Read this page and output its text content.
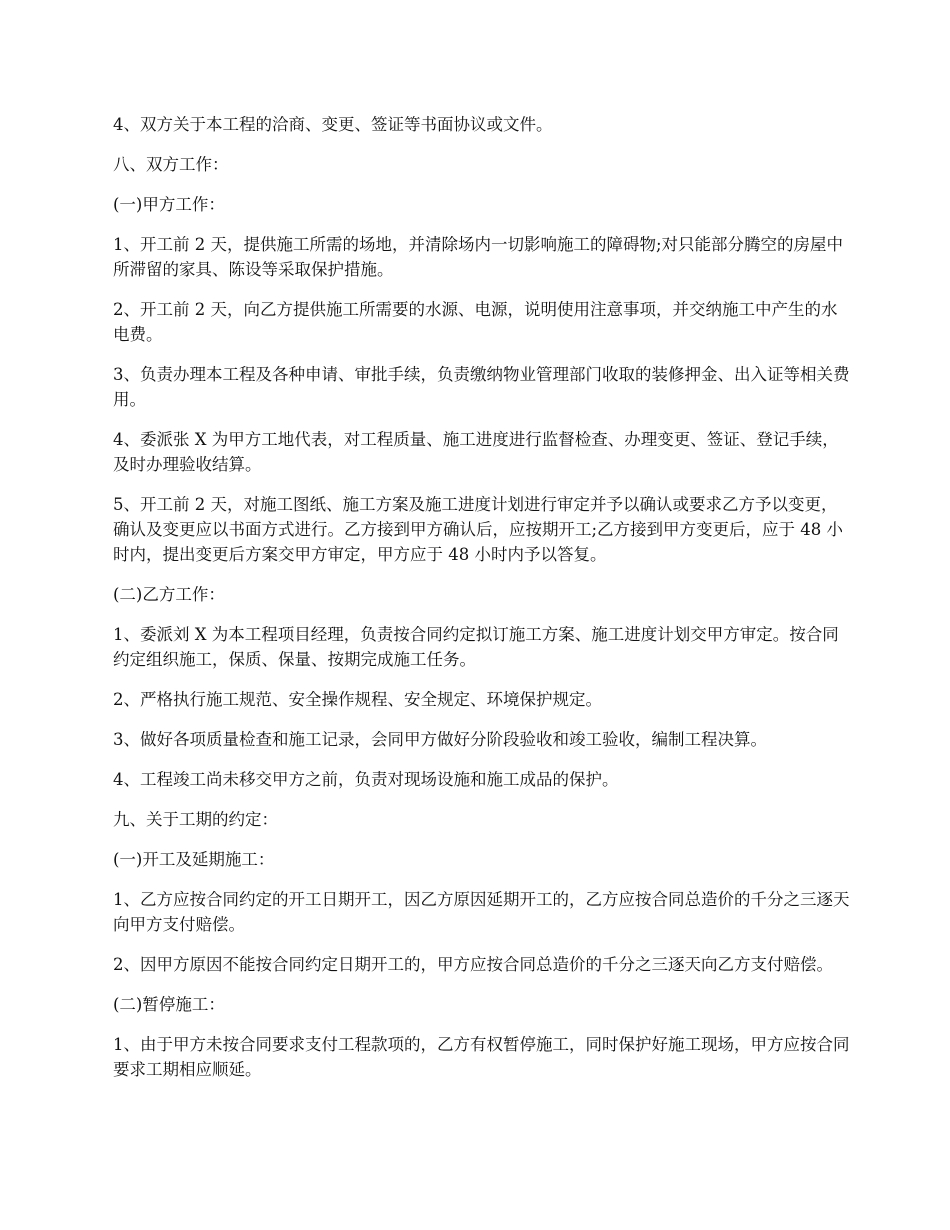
4、双方关于本工程的洽商、变更、签证等书面协议或文件。

八、双方工作：

(一)甲方工作：

1、开工前 2 天，提供施工所需的场地，并清除场内一切影响施工的障碍物;对只能部分腾空的房屋中所滞留的家具、陈设等采取保护措施。

2、开工前 2 天，向乙方提供施工所需要的水源、电源，说明使用注意事项，并交纳施工中产生的水电费。

3、负责办理本工程及各种申请、审批手续，负责缴纳物业管理部门收取的装修押金、出入证等相关费用。

4、委派张 X 为甲方工地代表，对工程质量、施工进度进行监督检查、办理变更、签证、登记手续，及时办理验收结算。

5、开工前 2 天，对施工图纸、施工方案及施工进度计划进行审定并予以确认或要求乙方予以变更，确认及变更应以书面方式进行。乙方接到甲方确认后，应按期开工;乙方接到甲方变更后，应于 48 小时内，提出变更后方案交甲方审定，甲方应于 48 小时内予以答复。

(二)乙方工作：

1、委派刘 X 为本工程项目经理，负责按合同约定拟订施工方案、施工进度计划交甲方审定。按合同约定组织施工，保质、保量、按期完成施工任务。

2、严格执行施工规范、安全操作规程、安全规定、环境保护规定。

3、做好各项质量检查和施工记录，会同甲方做好分阶段验收和竣工验收，编制工程决算。

4、工程竣工尚未移交甲方之前，负责对现场设施和施工成品的保护。

九、关于工期的约定：

(一)开工及延期施工：

1、乙方应按合同约定的开工日期开工，因乙方原因延期开工的，乙方应按合同总造价的千分之三逐天向甲方支付赔偿。

2、因甲方原因不能按合同约定日期开工的，甲方应按合同总造价的千分之三逐天向乙方支付赔偿。

(二)暂停施工：

1、由于甲方未按合同要求支付工程款项的，乙方有权暂停施工，同时保护好施工现场，甲方应按合同要求工期相应顺延。
